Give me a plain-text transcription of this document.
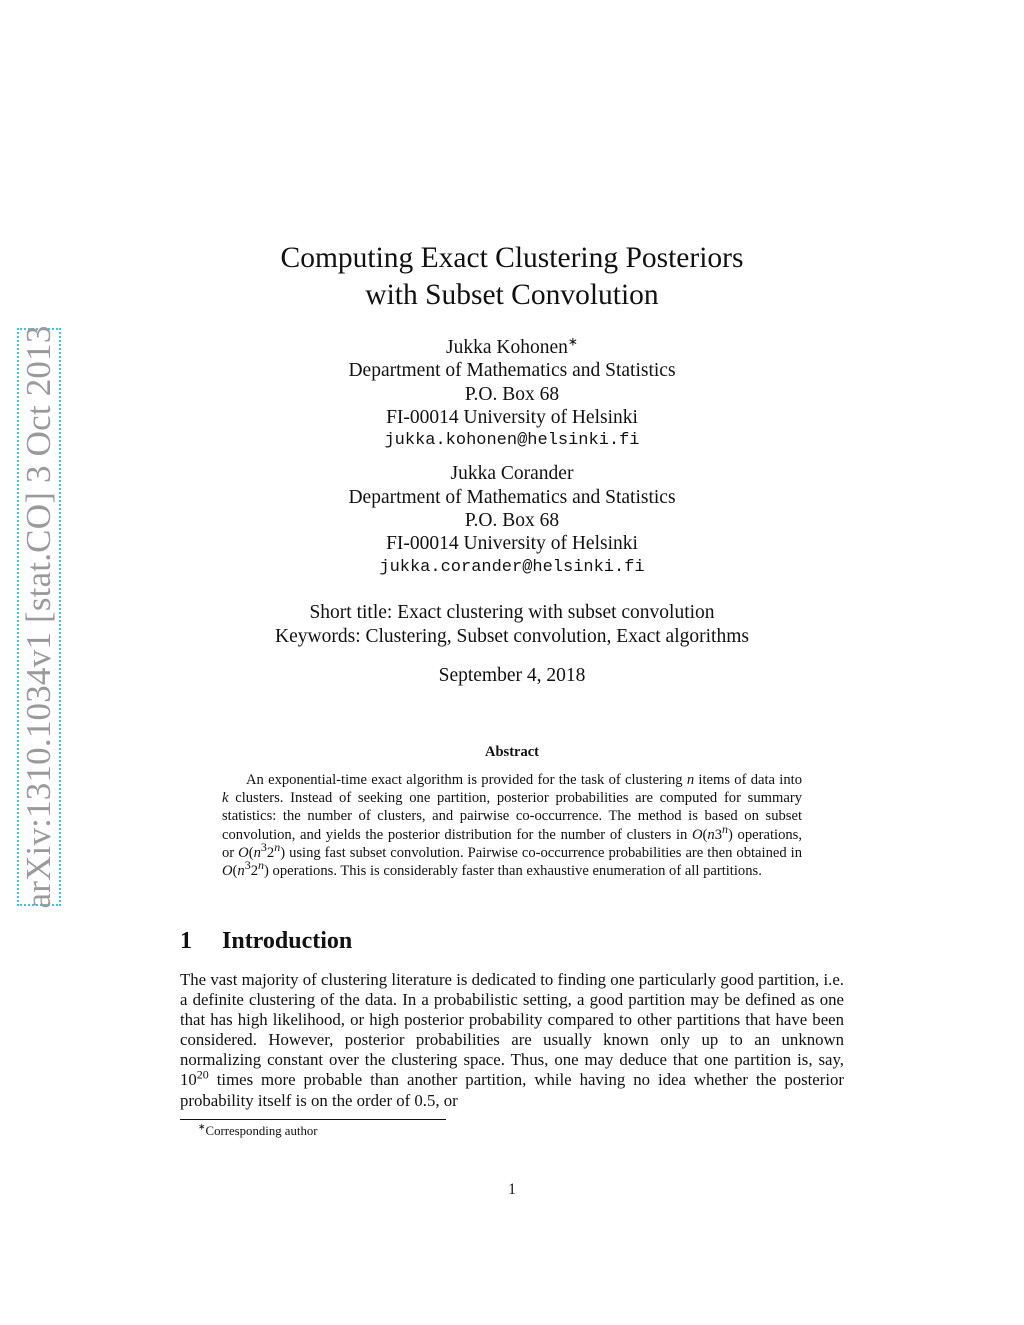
arXiv:1310.1034v1 [stat.CO] 3 Oct 2013
Computing Exact Clustering Posteriors
with Subset Convolution
Jukka Kohonen∗
Department of Mathematics and Statistics
P.O. Box 68
FI-00014 University of Helsinki
jukka.kohonen@helsinki.fi
Jukka Corander
Department of Mathematics and Statistics
P.O. Box 68
FI-00014 University of Helsinki
jukka.corander@helsinki.fi
Short title: Exact clustering with subset convolution
Keywords: Clustering, Subset convolution, Exact algorithms
September 4, 2018
Abstract

An exponential-time exact algorithm is provided for the task of clustering n items of data into k clusters. Instead of seeking one partition, posterior probabilities are computed for summary statistics: the number of clusters, and pairwise co-occurrence. The method is based on subset convolution, and yields the posterior distribution for the number of clusters in O(n3$^n$) operations, or $O(n^32^n)$ using fast subset convolution. Pairwise co-occurrence probabilities are then obtained in $O(n^32^n)$ operations. This is considerably faster than exhaustive enumeration of all partitions.

1 Introduction

The vast majority of clustering literature is dedicated to finding one particularly good partition, i.e. a definite clustering of the data. In a probabilistic setting, a good partition may be defined as one that has high likelihood, or high posterior probability compared to other partitions that have been considered. However, posterior probabilities are usually known only up to an unknown normalizing constant over the clustering space. Thus, one may deduce that one partition is, say, $10^{20}$ times more probable than another partition, while having no idea whether the posterior probability itself is on the order of 0.5, or

∗Corresponding author
1
